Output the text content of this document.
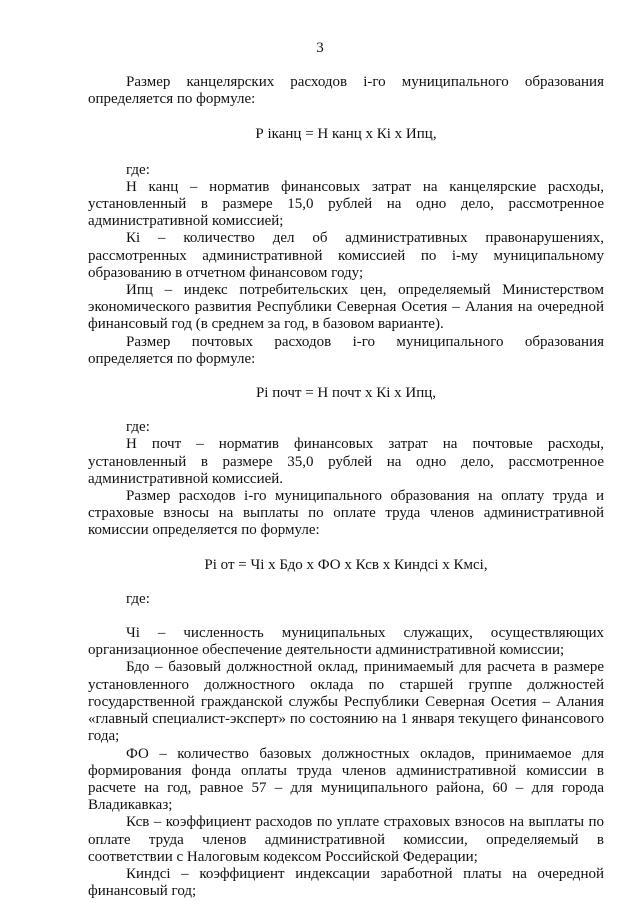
3

Размер канцелярских расходов i-го муниципального образования определяется по формуле:

Р iканц = Н канц х Кi х Ипц,

где:

Н канц – норматив финансовых затрат на канцелярские расходы, установленный в размере 15,0 рублей на одно дело, рассмотренное административной комиссией;

Кi – количество дел об административных правонарушениях, рассмотренных административной комиссией по i-му муниципальному образованию в отчетном финансовом году;

Ипц – индекс потребительских цен, определяемый Министерством экономического развития Республики Северная Осетия – Алания на очередной финансовый год (в среднем за год, в базовом варианте).

Размер почтовых расходов i-го муниципального образования определяется по формуле:

Рi почт = Н почт х Кi х Ипц,

где:

Н почт – норматив финансовых затрат на почтовые расходы, установленный в размере 35,0 рублей на одно дело, рассмотренное административной комиссией.

Размер расходов i-го муниципального образования на оплату труда и страховые взносы на выплаты по оплате труда членов административной комиссии определяется по формуле:

Рi от = Чi х Бдо х ФО х Ксв х Киндсi х Кмсi,

где:

Чi – численность муниципальных служащих, осуществляющих организационное обеспечение деятельности административной комиссии;

Бдо – базовый должностной оклад, принимаемый для расчета в размере установленного должностного оклада по старшей группе должностей государственной гражданской службы Республики Северная Осетия – Алания «главный специалист-эксперт» по состоянию на 1 января текущего финансового года;

ФО – количество базовых должностных окладов, принимаемое для формирования фонда оплаты труда членов административной комиссии в расчете на год, равное 57 – для муниципального района, 60 – для города Владикавказ;

Ксв – коэффициент расходов по уплате страховых взносов на выплаты по оплате труда членов административной комиссии, определяемый в соответствии с Налоговым кодексом Российской Федерации;

Киндсi – коэффициент индексации заработной платы на очередной финансовый год;
